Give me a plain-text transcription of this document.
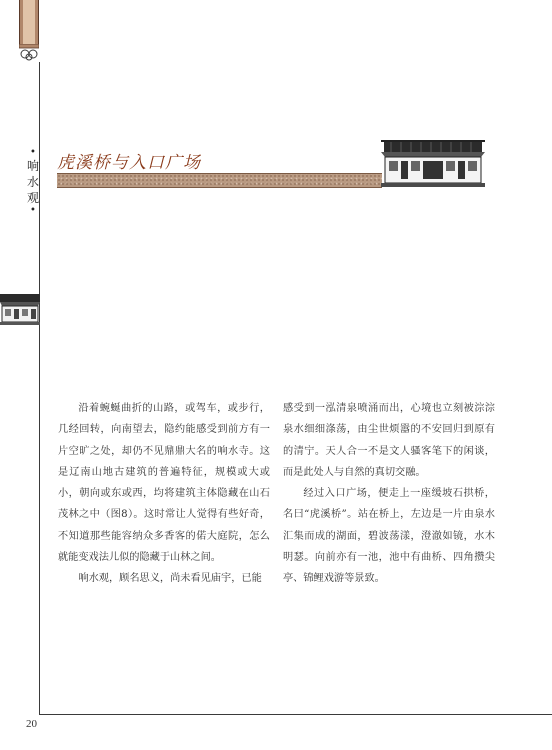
•
响
水
观
•
虎溪桥与入口广场

沿着蜿蜒曲折的山路，或驾车，或步行，几经回转，向南望去，隐约能感受到前方有一片空旷之处，却仍不见鼎鼎大名的响水寺。这是辽南山地古建筑的普遍特征，规模或大或小，朝向或东或西，均将建筑主体隐藏在山石茂林之中（图8）。这时常让人觉得有些好奇，不知道那些能容纳众多香客的偌大庭院，怎么就能变戏法儿似的隐藏于山林之间。

响水观，顾名思义，尚未看见庙宇，已能

感受到一泓清泉喷涌而出，心境也立刻被淙淙泉水细细涤荡，由尘世烦嚣的不安回归到原有的清宁。天人合一不是文人骚客笔下的闲谈，而是此处人与自然的真切交融。

经过入口广场，便走上一座缓坡石拱桥，名曰“虎溪桥”。站在桥上，左边是一片由泉水汇集而成的湖面，碧波荡漾，澄澈如镜，水木明瑟。向前亦有一池，池中有曲桥、四角攒尖亭、锦鲤戏游等景致。

20
